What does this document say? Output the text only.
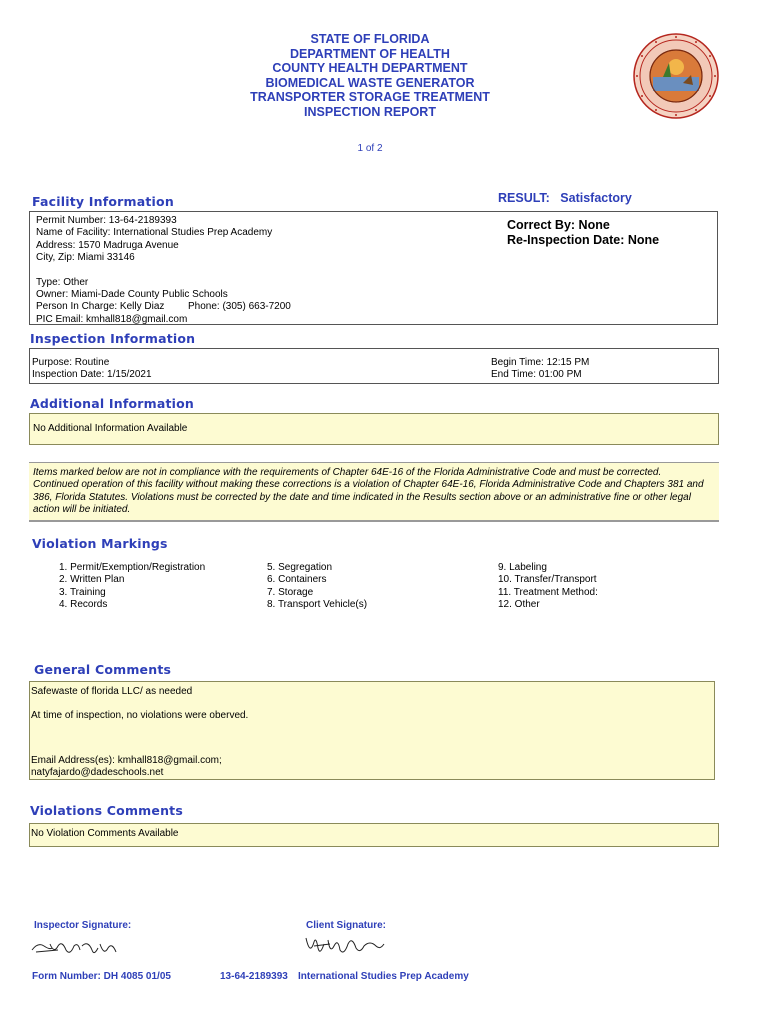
STATE OF FLORIDA
DEPARTMENT OF HEALTH
COUNTY HEALTH DEPARTMENT
BIOMEDICAL WASTE GENERATOR
TRANSPORTER STORAGE TREATMENT
INSPECTION REPORT
1 of 2
Facility Information	RESULT: Satisfactory
Permit Number: 13-64-2189393
Name of Facility: International Studies Prep Academy
Address: 1570 Madruga Avenue
City, Zip: Miami 33146
Type: Other
Owner: Miami-Dade County Public Schools
Person In Charge: Kelly Diaz Phone: (305) 663-7200
PIC Email: kmhall818@gmail.com
Correct By: None
Re-Inspection Date: None
Inspection Information
Purpose: Routine
Inspection Date: 1/15/2021
Begin Time: 12:15 PM
End Time: 01:00 PM
Additional Information
No Additional Information Available
Items marked below are not in compliance with the requirements of Chapter 64E-16 of the Florida Administrative Code and must be corrected.
Continued operation of this facility without making these corrections is a violation of Chapter 64E-16, Florida Administrative Code and Chapters 381 and
386, Florida Statutes. Violations must be corrected by the date and time indicated in the Results section above or an administrative fine or other legal
action will be initiated.
Violation Markings
1. Permit/Exemption/Registration
2. Written Plan
3. Training
4. Records
5. Segregation
6. Containers
7. Storage
8. Transport Vehicle(s)
9. Labeling
10. Transfer/Transport
11. Treatment Method:
12. Other
General Comments
Safewaste of florida LLC/ as needed
At time of inspection, no violations were oberved.
Email Address(es): kmhall818@gmail.com;
natyfajardo@dadeschools.net
Violations Comments
No Violation Comments Available
Inspector Signature:	Client Signature:
Form Number: DH 4085 01/05	13-64-2189393 International Studies Prep Academy
